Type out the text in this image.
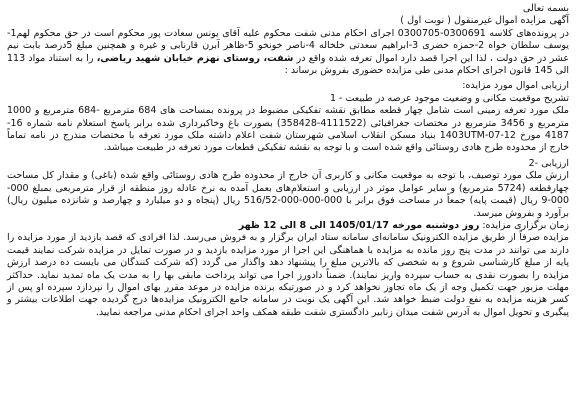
بسمه تعالی

آگهی مزایده اموال غیرمنقول ( نوبت اول )

در پرونده‌های کلاسه 0300691-0300705 اجرای احکام مدنی شفت محکوم علیه آقای یونس سعادت پور محکوم است در حق محکوم لهم1-یوسف سلطان خواه 2-حمزه خضری 3-ابراهیم سعدتی خلخاله 4-ناصر خونخو 5-ظاهر آبرن قارنابی و غیره و همچنین مبلغ 5درصد بابت نیم عشر در حق دولت ، لذا این اجرا قصد دارد اموال تعرفه شده واقع در شفت، روستای نهزم خیابان شهید ریاضی، را به استناد مواد 113 الی 145 قانون اجرای احکام مدنی طی مزایده حضوری بفروش برساند :

ارزیابی اموال مورد مزایده:

تشریح موقعیت مکانی و وضعیت موجود عرصه در طبیعت - 1

ملک مورد تعرفه زمینی است شامل چهار قطعه مطابق نقشه تفکیکی مضبوط در پرونده بمساحت های 684 مترمربع -684 مترمربع و 1000 مترمربع و 3456 مترمربع در مختصات جغرافیائی (4111522-358428) بصورت باغ وخاکبرداری شده برابر پاسخ استعلام نامه شماره 16-4187 مورخ 12-07-1403UTM بنیاد مسکن انقلاب اسلامی شهرستان شفت اعلام داشته ملک مورد تعرفه با مختصات مندرج در نامه تماماً خارج از محدوده طرح هادی روستائی واقع شده است و با توجه به نقشه تفکیکی قطعات مورد تعرفه در طبیعت میباشد.

ارزیابی -2

ارزش ملک مورد توصیف، با توجه به موقعیت مکانی و کاربری آن خارج از محدوده طرح هادی روستائی واقع شده (باغی) و مقدار کل مساحت چهارقطعه (5724 مترمربع) و سایر عوامل موثر در ارزیابی و استعلام‌های بعمل آمده به نرخ عادله روز منطقه از قرار مترمربعی بمبلغ 000-000-9 ریال (قیمت پایه) جمعاً در مساحت فوق برابر با 000-000-000-516/52 ریال (پنجاه و دو میلیارد و چهارصد و شانزده میلیون ریال) برآورد و بفروش میرسد.

زمان برگزاری مزایده: روز دوشنبه مورخه 1405/01/17 الی 8 الی 12 ظهر

مزایده صرفاً از طریق مزایده الکترونیک سامانه‌ای سامانه ستاد ایران برگزار و به فروش می‌رسد. لذا افرادی که قصد بازدید از مورد مزایده را دارند می توانند در مدت پنج روز مانده به مزایده با هماهنگی این اجرا از مورد مزایده بازدید و در صورت تمایل در مزایده شرکت نمایند قیمت پایه از مبلغ کارشناسی شروع و به شخصی که بالاترین مبلغ را پیشنهاد دهد واگذار می گردد (که شرکت کنندگان می بایست ده درصد ارزش مزایده را بصورت نقدی به حساب سپرده واریز نمایند). ضمناً دادورز اجرا می تواند پرداخت مابقی بها را به مدت یک ماه تمدید نماید. حداکثر مهلت مزبور جهت تکمیل وجه از یک ماه تجاوز نخواهد کرد و در صورتیکه برنده مزایده در موعد مقرر بهای اموال را نپردازد سپرده او پس از کسر هزینه مزایده به نفع دولت ضبط خواهد شد. این آگهی یک نوبت در سامانه جامع الکترونیک مزایده‌ها درج گردیده جهت اطلاعات بیشتر و پیگیری و تحویل اموال به آدرس شفت میدان زنابیر دادگستری شفت طبقه همکف واحد اجرای احکام مدنی مراجعه نمایید.
